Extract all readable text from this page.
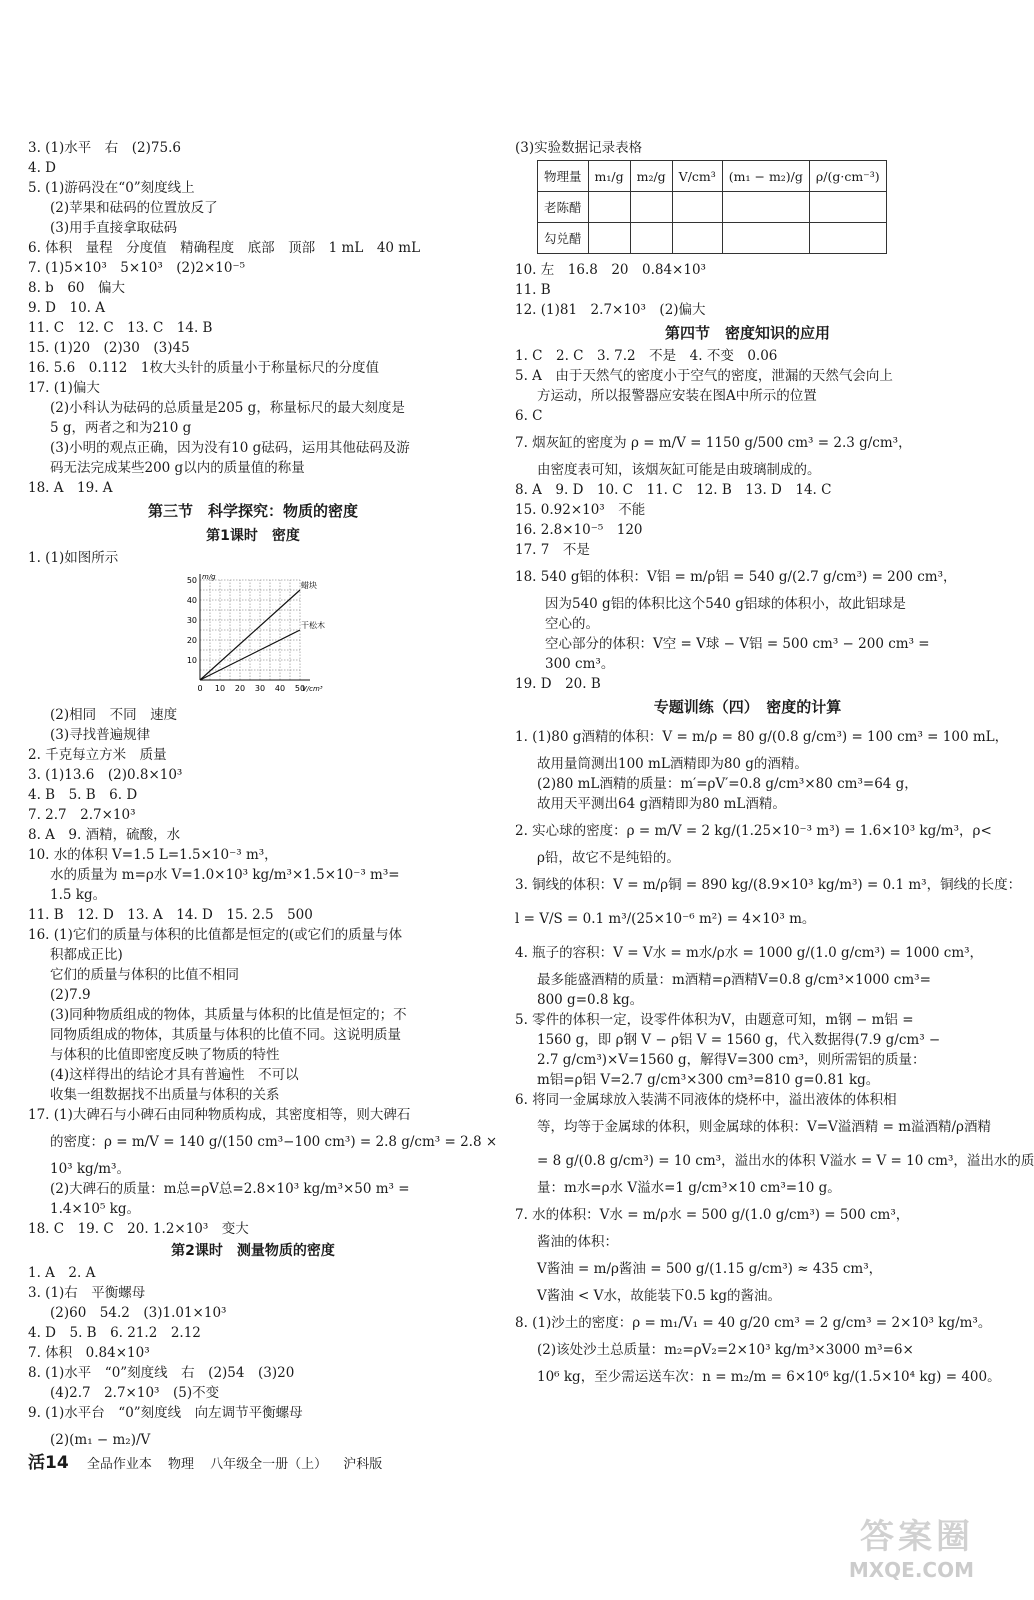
3. (1)水平　右　(2)75.6
4. D
5. (1)游码没在“0”刻度线上
(2)苹果和砝码的位置放反了
(3)用手直接拿取砝码
6. 体积　量程　分度值　精确程度　底部　顶部　1 mL　40 mL
7. (1)5×10³　5×10³　(2)2×10⁻⁵
8. b　60　偏大
9. D　10. A
11. C　12. C　13. C　14. B
15. (1)20　(2)30　(3)45
16. 5.6　0.112　1枚大头针的质量小于称量标尺的分度值
17. (1)偏大
(2)小科认为砝码的总质量是205 g，称量标尺的最大刻度是
5 g，两者之和为210 g
(3)小明的观点正确，因为没有10 g砝码，运用其他砝码及游
码无法完成某些200 g以内的质量值的称量
18. A　19. A
第三节　科学探究：物质的密度
第1课时　密度
1. (1)如图所示
0 10 20 30 40 50
10
20
30
40
50
V/cm³
m/g
蜡块
干松木
(2)相同　不同　速度
(3)寻找普遍规律
2. 千克每立方米　质量
3. (1)13.6　(2)0.8×10³
4. B　5. B　6. D
7. 2.7　2.7×10³
8. A　9. 酒精，硫酸，水
10. 水的体积 V=1.5 L=1.5×10⁻³ m³，
水的质量为 m=ρ水 V=1.0×10³ kg/m³×1.5×10⁻³ m³=
1.5 kg。
11. B　12. D　13. A　14. D　15. 2.5　500
16. (1)它们的质量与体积的比值都是恒定的(或它们的质量与体
积都成正比)
它们的质量与体积的比值不相同
(2)7.9
(3)同种物质组成的物体，其质量与体积的比值是恒定的；不
同物质组成的物体，其质量与体积的比值不同。这说明质量
与体积的比值即密度反映了物质的特性
(4)这样得出的结论才具有普遍性　不可以
收集一组数据找不出质量与体积的关系
17. (1)大碑石与小碑石由同种物质构成，其密度相等，则大碑石
的密度：ρ = m/V = 140 g/(150 cm³−100 cm³) = 2.8 g/cm³ = 2.8 ×
10³ kg/m³。
(2)大碑石的质量：m总=ρV总=2.8×10³ kg/m³×50 m³ =
1.4×10⁵ kg。
18. C　19. C　20. 1.2×10³　变大
第2课时　测量物质的密度
1. A　2. A
3. (1)右　平衡螺母
(2)60　54.2　(3)1.01×10³
4. D　5. B　6. 21.2　2.12
7. 体积　0.84×10³
8. (1)水平　“0”刻度线　右　(2)54　(3)20
(4)2.7　2.7×10³　(5)不变
9. (1)水平台　“0”刻度线　向左调节平衡螺母
(2)(m₁ − m₂)/V
(3)实验数据记录表格
物理量	m₁/g	m₂/g	V/cm³	(m₁ − m₂)/g	ρ/(g·cm⁻³)
老陈醋					
勾兑醋					
10. 左　16.8　20　0.84×10³
11. B
12. (1)81　2.7×10³　(2)偏大
第四节　密度知识的应用
1. C　2. C　3. 7.2　不是　4. 不变　0.06
5. A　由于天然气的密度小于空气的密度，泄漏的天然气会向上
方运动，所以报警器应安装在图A中所示的位置
6. C
7. 烟灰缸的密度为 ρ = m/V = 1150 g/500 cm³ = 2.3 g/cm³，
由密度表可知，该烟灰缸可能是由玻璃制成的。
8. A　9. D　10. C　11. C　12. B　13. D　14. C
15. 0.92×10³　不能
16. 2.8×10⁻⁵　120
17. 7　不是
18. 540 g铝的体积：V铝 = m/ρ铝 = 540 g/(2.7 g/cm³) = 200 cm³，
因为540 g铝的体积比这个540 g铝球的体积小，故此铝球是
空心的。
空心部分的体积：V空 = V球 − V铝 = 500 cm³ − 200 cm³ =
300 cm³。
19. D　20. B
专题训练（四）　密度的计算
1. (1)80 g酒精的体积：V = m/ρ = 80 g/(0.8 g/cm³) = 100 cm³ = 100 mL，
故用量筒测出100 mL酒精即为80 g的酒精。
(2)80 mL酒精的质量：m′=ρV′=0.8 g/cm³×80 cm³=64 g，
故用天平测出64 g酒精即为80 mL酒精。
2. 实心球的密度：ρ = m/V = 2 kg/(1.25×10⁻³ m³) = 1.6×10³ kg/m³，ρ<
ρ铅，故它不是纯铅的。
3. 铜线的体积：V = m/ρ铜 = 890 kg/(8.9×10³ kg/m³) = 0.1 m³，铜线的长度：
l = V/S = 0.1 m³/(25×10⁻⁶ m²) = 4×10³ m。
4. 瓶子的容积：V = V水 = m水/ρ水 = 1000 g/(1.0 g/cm³) = 1000 cm³，
最多能盛酒精的质量：m酒精=ρ酒精V=0.8 g/cm³×1000 cm³=
800 g=0.8 kg。
5. 零件的体积一定，设零件体积为V，由题意可知，m钢 − m铝 =
1560 g，即 ρ钢 V − ρ铝 V = 1560 g，代入数据得(7.9 g/cm³ −
2.7 g/cm³)×V=1560 g，解得V=300 cm³，则所需铝的质量：
m铝=ρ铝 V=2.7 g/cm³×300 cm³=810 g=0.81 kg。
6. 将同一金属球放入装满不同液体的烧杯中，溢出液体的体积相
等，均等于金属球的体积，则金属球的体积：V=V溢酒精 = m溢酒精/ρ酒精
= 8 g/(0.8 g/cm³) = 10 cm³，溢出水的体积 V溢水 = V = 10 cm³，溢出水的质
量：m水=ρ水 V溢水=1 g/cm³×10 cm³=10 g。
7. 水的体积：V水 = m/ρ水 = 500 g/(1.0 g/cm³) = 500 cm³，
酱油的体积：
V酱油 = m/ρ酱油 = 500 g/(1.15 g/cm³) ≈ 435 cm³，
V酱油 < V水，故能装下0.5 kg的酱油。
8. (1)沙土的密度：ρ = m₁/V₁ = 40 g/20 cm³ = 2 g/cm³ = 2×10³ kg/m³。
(2)该处沙土总质量：m₂=ρV₂=2×10³ kg/m³×3000 m³=6×
10⁶ kg，至少需运送车次：n = m₂/m = 6×10⁶ kg/(1.5×10⁴ kg) = 400。
活14 全品作业本 物理 八年级全一册（上） 沪科版
答案圈
MXQE.COM
